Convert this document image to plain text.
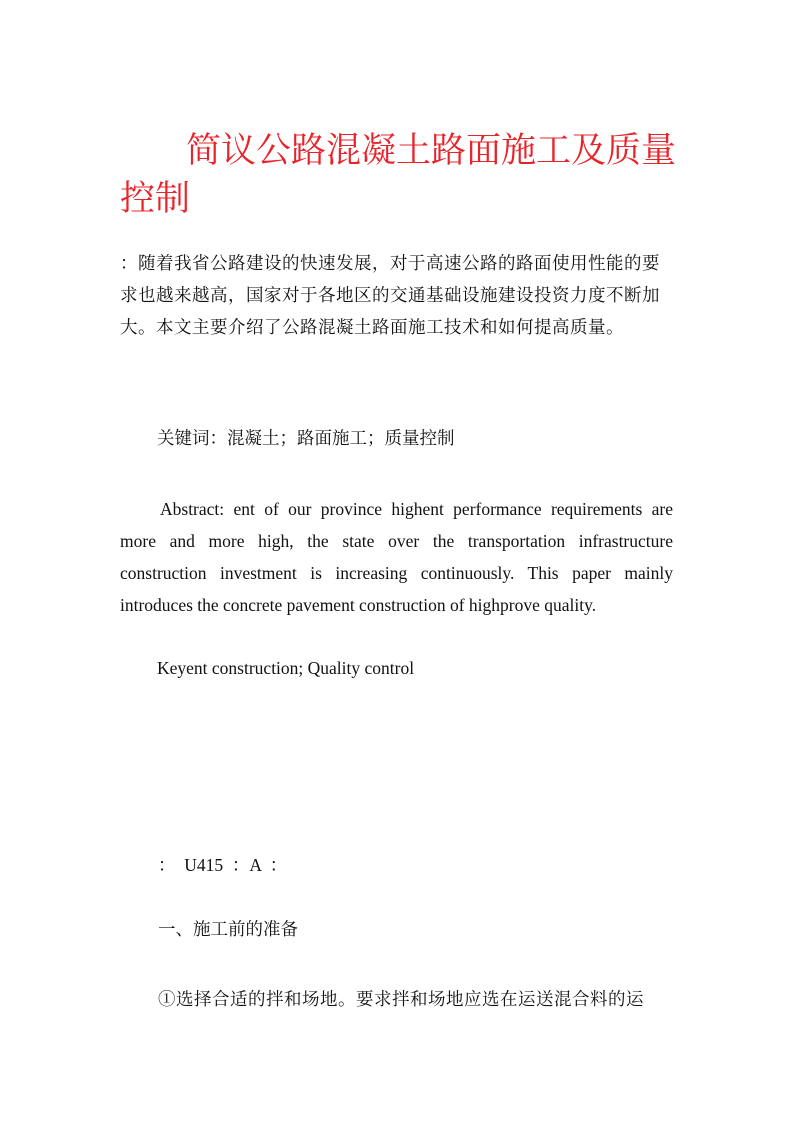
简议公路混凝土路面施工及质量控制

：随着我省公路建设的快速发展，对于高速公路的路面使用性能的要求也越来越高，国家对于各地区的交通基础设施建设投资力度不断加大。本文主要介绍了公路混凝土路面施工技术和如何提高质量。

关键词：混凝土；路面施工；质量控制

Abstract: ent of our province highent performance requirements are more and more high, the state over the transportation infrastructure construction investment is increasing continuously. This paper mainly introduces the concrete pavement construction of highprove quality.

Keyent construction; Quality control

：  U415  ：A  ：

一、施工前的准备

①选择合适的拌和场地。要求拌和场地应选在运送混合料的运
